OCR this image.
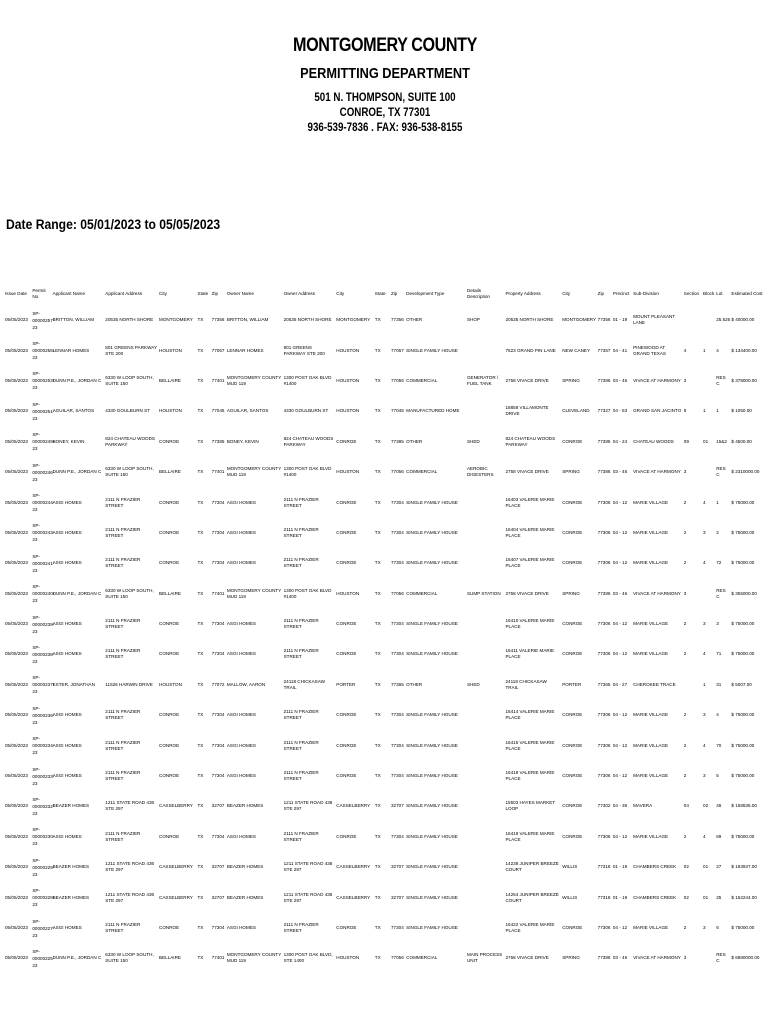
MONTGOMERY COUNTY
PERMITTING DEPARTMENT
501 N. THOMPSON, SUITE 100
CONROE, TX 77301
936-539-7836 . FAX: 936-538-8155
Date Range: 05/01/2023 to 05/05/2023
Issue Date	Permit No.	Applicant Name	Applicant Address	City	State	Zip	Owner Name	Owner Address	City	State	Zip	Development Type	Details Description	Property Address	City	Zip	Precinct	Sub-Division	Section	Block	Lot	Estimated Cost
05/05/2023	SP-00000257-23	BRITTON, WILLIAM	20535 NORTH SHORE	MONTGOMERY	TX	77356	BRITTON, WILLIAM	20535 NORTH SHORE	MONTGOMERY	TX	77356	OTHER	SHOP	20535 NORTH SHORE	MONTGOMERY	77356	01 - 19	MOUNT PLEASANT LANE			25.626	$ 40000.00
05/05/2023	SP-00000256-23	LENNAR HOMES	801 GREENS PARKWAY STE 200	HOUSTON	TX	77067	LENNAR HOMES	801 GREENS PARKWAY STE 200	HOUSTON	TX	77067	SINGLE FAMILY HOUSE		7523 GRAND PIN LANE	NEW CANEY	77357	04 - 41	PINEWOOD AT GRAND TEXAS	4	1	4	$ 134400.00
05/05/2023	SP-00000253-23	DUNN P.E., JORDAN C	6330 W LOOP SOUTH, SUITE 150	BELLAIRE	TX	77401	MONTGOMERY COUNTY MUD 119	1300 POST OAK BLVD #1400	HOUSTON	TX	77056	COMMERCIAL	GENERATOR / FUEL TANK	2758 VIVACE DRIVE	SPRING	77386	03 - 46	VIVACE AT HARMONY	3		RES C	$ 378000.00
05/05/2023	SP-00000251-23	AGUILAR, SANTOS	4330 GOULBURN ST	HOUSTON	TX	77045	AGUILAR, SANTOS	4330 GOULBURN ST	HOUSTON	TX	77045	MANUFACTURED HOME		18858 VILLAMONTE DRIVE	CLEVELAND	77327	04 - 53	GRAND SAN JACINTO	6	1	1	$ 1050.00
05/05/2023	SP-00000249-23	BONEY, KEVIN	824 CHATEAU WOODS PARKWAY	CONROE	TX	77385	BONEY, KEVIN	824 CHATEAU WOODS PARKWAY	CONROE	TX	77385	OTHER	SHED	824 CHATEAU WOODS PARKWAY	CONROE	77385	04 - 24	CHATEAU WOODS	09	01	15&2	$ 4500.00
05/05/2023	SP-00000246-23	DUNN P.E., JORDAN C	6330 W LOOP SOUTH, SUITE 150	BELLAIRE	TX	77401	MONTGOMERY COUNTY MUD 119	1300 POST OAK BLVD #1400	HOUSTON	TX	77056	COMMERCIAL	AEROBIC DIGESTERS	2758 VIVACE DRIVE	SPRING	77386	03 - 46	VIVACE AT HARMONY	3		RES C	$ 2310000.00
05/05/2023	SP-00000244-23	ASGI HOMES	2111 N FRAZIER STREET	CONROE	TX	77304	ASGI HOMES	2111 N FRAZIER STREET	CONROE	TX	77304	SINGLE FAMILY HOUSE		16403 VALERIE MARIE PLACE	CONROE	77306	04 - 12	MARIE VILLAGE	2	4	1	$ 75000.00
05/05/2023	SP-00000243-23	ASGI HOMES	2111 N FRAZIER STREET	CONROE	TX	77304	ASGI HOMES	2111 N FRAZIER STREET	CONROE	TX	77304	SINGLE FAMILY HOUSE		16404 VALERIE MARIE PLACE	CONROE	77306	04 - 12	MARIE VILLAGE	2	3	2	$ 75000.00
05/05/2023	SP-00000241-23	ASGI HOMES	2111 N FRAZIER STREET	CONROE	TX	77304	ASGI HOMES	2111 N FRAZIER STREET	CONROE	TX	77304	SINGLE FAMILY HOUSE		16407 VALERIE MARIE PLACE	CONROE	77306	04 - 12	MARIE VILLAGE	2	4	72	$ 75000.00
05/05/2023	SP-00000240-23	DUNN P.E., JORDAN C	6330 W LOOP SOUTH, SUITE 150	BELLAIRE	TX	77401	MONTGOMERY COUNTY MUD 119	1300 POST OAK BLVD #1400	HOUSTON	TX	77056	COMMERCIAL	SUMP STATION	2758 VIVACE DRIVE	SPRING	77386	03 - 46	VIVACE AT HARMONY	3		RES C	$ 355000.00
05/05/2023	SP-00000239-23	ASGI HOMES	2111 N FRAZIER STREET	CONROE	TX	77304	ASGI HOMES	2111 N FRAZIER STREET	CONROE	TX	77304	SINGLE FAMILY HOUSE		16410 VALERIE MARIE PLACE	CONROE	77306	04 - 12	MARIE VILLAGE	2	3	3	$ 75000.00
05/05/2023	SP-00000238-23	ASGI HOMES	2111 N FRAZIER STREET	CONROE	TX	77304	ASGI HOMES	2111 N FRAZIER STREET	CONROE	TX	77304	SINGLE FAMILY HOUSE		16411 VALERIE MARIE PLACE	CONROE	77306	04 - 12	MARIE VILLAGE	2	4	71	$ 75000.00
05/05/2023	SP-00000237-23	ESTER, JONATHAN	11526 HARWIN DRIVE	HOUSTON	TX	77072	MALLOW, AARON	24118 CHICKASAW TRAIL	PORTER	TX	77365	OTHER	SHED	24118 CHICKASAW TRAIL	PORTER	77365	04 - 27	CHEROKEE TRACE		1	31	$ 5007.00
05/05/2023	SP-00000236-23	ASGI HOMES	2111 N FRAZIER STREET	CONROE	TX	77304	ASGI HOMES	2111 N FRAZIER STREET	CONROE	TX	77304	SINGLE FAMILY HOUSE		16414 VALERIE MARIE PLACE	CONROE	77306	04 - 12	MARIE VILLAGE	2	3	4	$ 75000.00
05/05/2023	SP-00000234-23	ASGI HOMES	2111 N FRAZIER STREET	CONROE	TX	77304	ASGI HOMES	2111 N FRAZIER STREET	CONROE	TX	77304	SINGLE FAMILY HOUSE		16415 VALERIE MARIE PLACE	CONROE	77306	04 - 12	MARIE VILLAGE	2	4	70	$ 75000.00
05/05/2023	SP-00000233-23	ASGI HOMES	2111 N FRAZIER STREET	CONROE	TX	77304	ASGI HOMES	2111 N FRAZIER STREET	CONROE	TX	77304	SINGLE FAMILY HOUSE		16418 VALERIE MARIE PLACE	CONROE	77306	04 - 12	MARIE VILLAGE	2	3	5	$ 75000.00
05/05/2023	SP-00000232-23	BEAZER HOMES	1211 STATE ROAD 436 STE 297	CASSELBERRY	TX	32707	BEAZER HOMES	1211 STATE ROAD 436 STE 297	CASSELBERRY	TX	32707	SINGLE FAMILY HOUSE		15503 HAYES MARKET LOOP	CONROE	77302	04 - 36	MAVERA	04	02	46	$ 158535.00
05/05/2023	SP-00000230-23	ASGI HOMES	2111 N FRAZIER STREET	CONROE	TX	77304	ASGI HOMES	2111 N FRAZIER STREET	CONROE	TX	77304	SINGLE FAMILY HOUSE		16419 VALERIE MARIE PLACE	CONROE	77306	04 - 12	MARIE VILLAGE	2	4	69	$ 75000.00
05/05/2023	SP-00000229-23	BEAZER HOMES	1211 STATE ROAD 436 STE 297	CASSELBERRY	TX	32707	BEAZER HOMES	1211 STATE ROAD 436 STE 297	CASSELBERRY	TX	32707	SINGLE FAMILY HOUSE		14238 JUNIPER BREEZE COURT	WILLIS	77318	01 - 19	CHAMBERS CREEK	02	01	27	$ 193937.00
05/05/2023	SP-00000228-23	BEAZER HOMES	1211 STATE ROAD 436 STE 297	CASSELBERRY	TX	32707	BEAZER HOMES	1211 STATE ROAD 436 STE 297	CASSELBERRY	TX	32707	SINGLE FAMILY HOUSE		14254 JUNIPER BREEZE COURT	WILLIS	77318	01 - 19	CHAMBERS CREEK	02	01	25	$ 152244.00
05/05/2023	SP-00000227-23	ASGI HOMES	2111 N FRAZIER STREET	CONROE	TX	77304	ASGI HOMES	2111 N FRAZIER STREET	CONROE	TX	77304	SINGLE FAMILY HOUSE		16422 VALERIE MARIE PLACE	CONROE	77306	04 - 12	MARIE VILLAGE	2	3	6	$ 75000.00
05/05/2023	SP-00000225-23	DUNN P.E., JORDAN C	6330 W LOOP SOUTH, SUITE 150	BELLAIRE	TX	77401	MONTGOMERY COUNTY MUD 119	1300 POST OAK BLVD, STE 1400	HOUSTON	TX	77056	COMMERCIAL	MAIN PROCESS UNIT	2758 VIVACE DRIVE	SPRING	77386	03 - 46	VIVACE AT HARMONY	3		RES C	$ 6880000.00
